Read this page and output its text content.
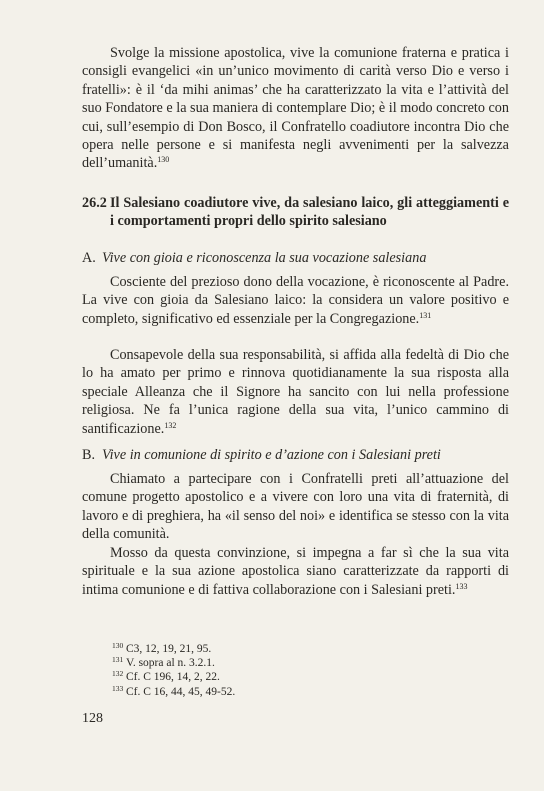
Svolge la missione apostolica, vive la comunione fraterna e pratica i consigli evangelici «in un’unico movimento di carità verso Dio e verso i fratelli»: è il ‘da mihi animas’ che ha caratterizzato la vita e l’attività del suo Fondatore e la sua maniera di contemplare Dio; è il modo concreto con cui, sull’esempio di Don Bosco, il Confratello coadiutore incontra Dio che opera nelle persone e si manifesta negli avvenimenti per la salvezza dell’umanità.$^{130}$

26.2 Il Salesiano coadiutore vive, da salesiano laico, gli atteggiamenti e i comportamenti propri dello spirito salesiano
A. Vive con gioia e riconoscenza la sua vocazione salesiana

Cosciente del prezioso dono della vocazione, è riconoscente al Padre. La vive con gioia da Salesiano laico: la considera un valore positivo e completo, significativo ed essenziale per la Congregazione.$^{131}$

Consapevole della sua responsabilità, si affida alla fedeltà di Dio che lo ha amato per primo e rinnova quotidianamente la sua risposta alla speciale Alleanza che il Signore ha sancito con lui nella professione religiosa. Ne fa l’unica ragione della sua vita, l’unico cammino di santificazione.$^{132}$

B. Vive in comunione di spirito e d’azione con i Salesiani preti

Chiamato a partecipare con i Confratelli preti all’attuazione del comune progetto apostolico e a vivere con loro una vita di fraternità, di lavoro e di preghiera, ha «il senso del noi» e identifica se stesso con la vita della comunità.

Mosso da questa convinzione, si impegna a far sì che la sua vita spirituale e la sua azione apostolica siano caratterizzate da rapporti di intima comunione e di fattiva collaborazione con i Salesiani preti.$^{133}$

130 C3, 12, 19, 21, 95.
131 V. sopra al n. 3.2.1.
132 Cf. C 196, 14, 2, 22.
133 Cf. C 16, 44, 45, 49-52.
128
